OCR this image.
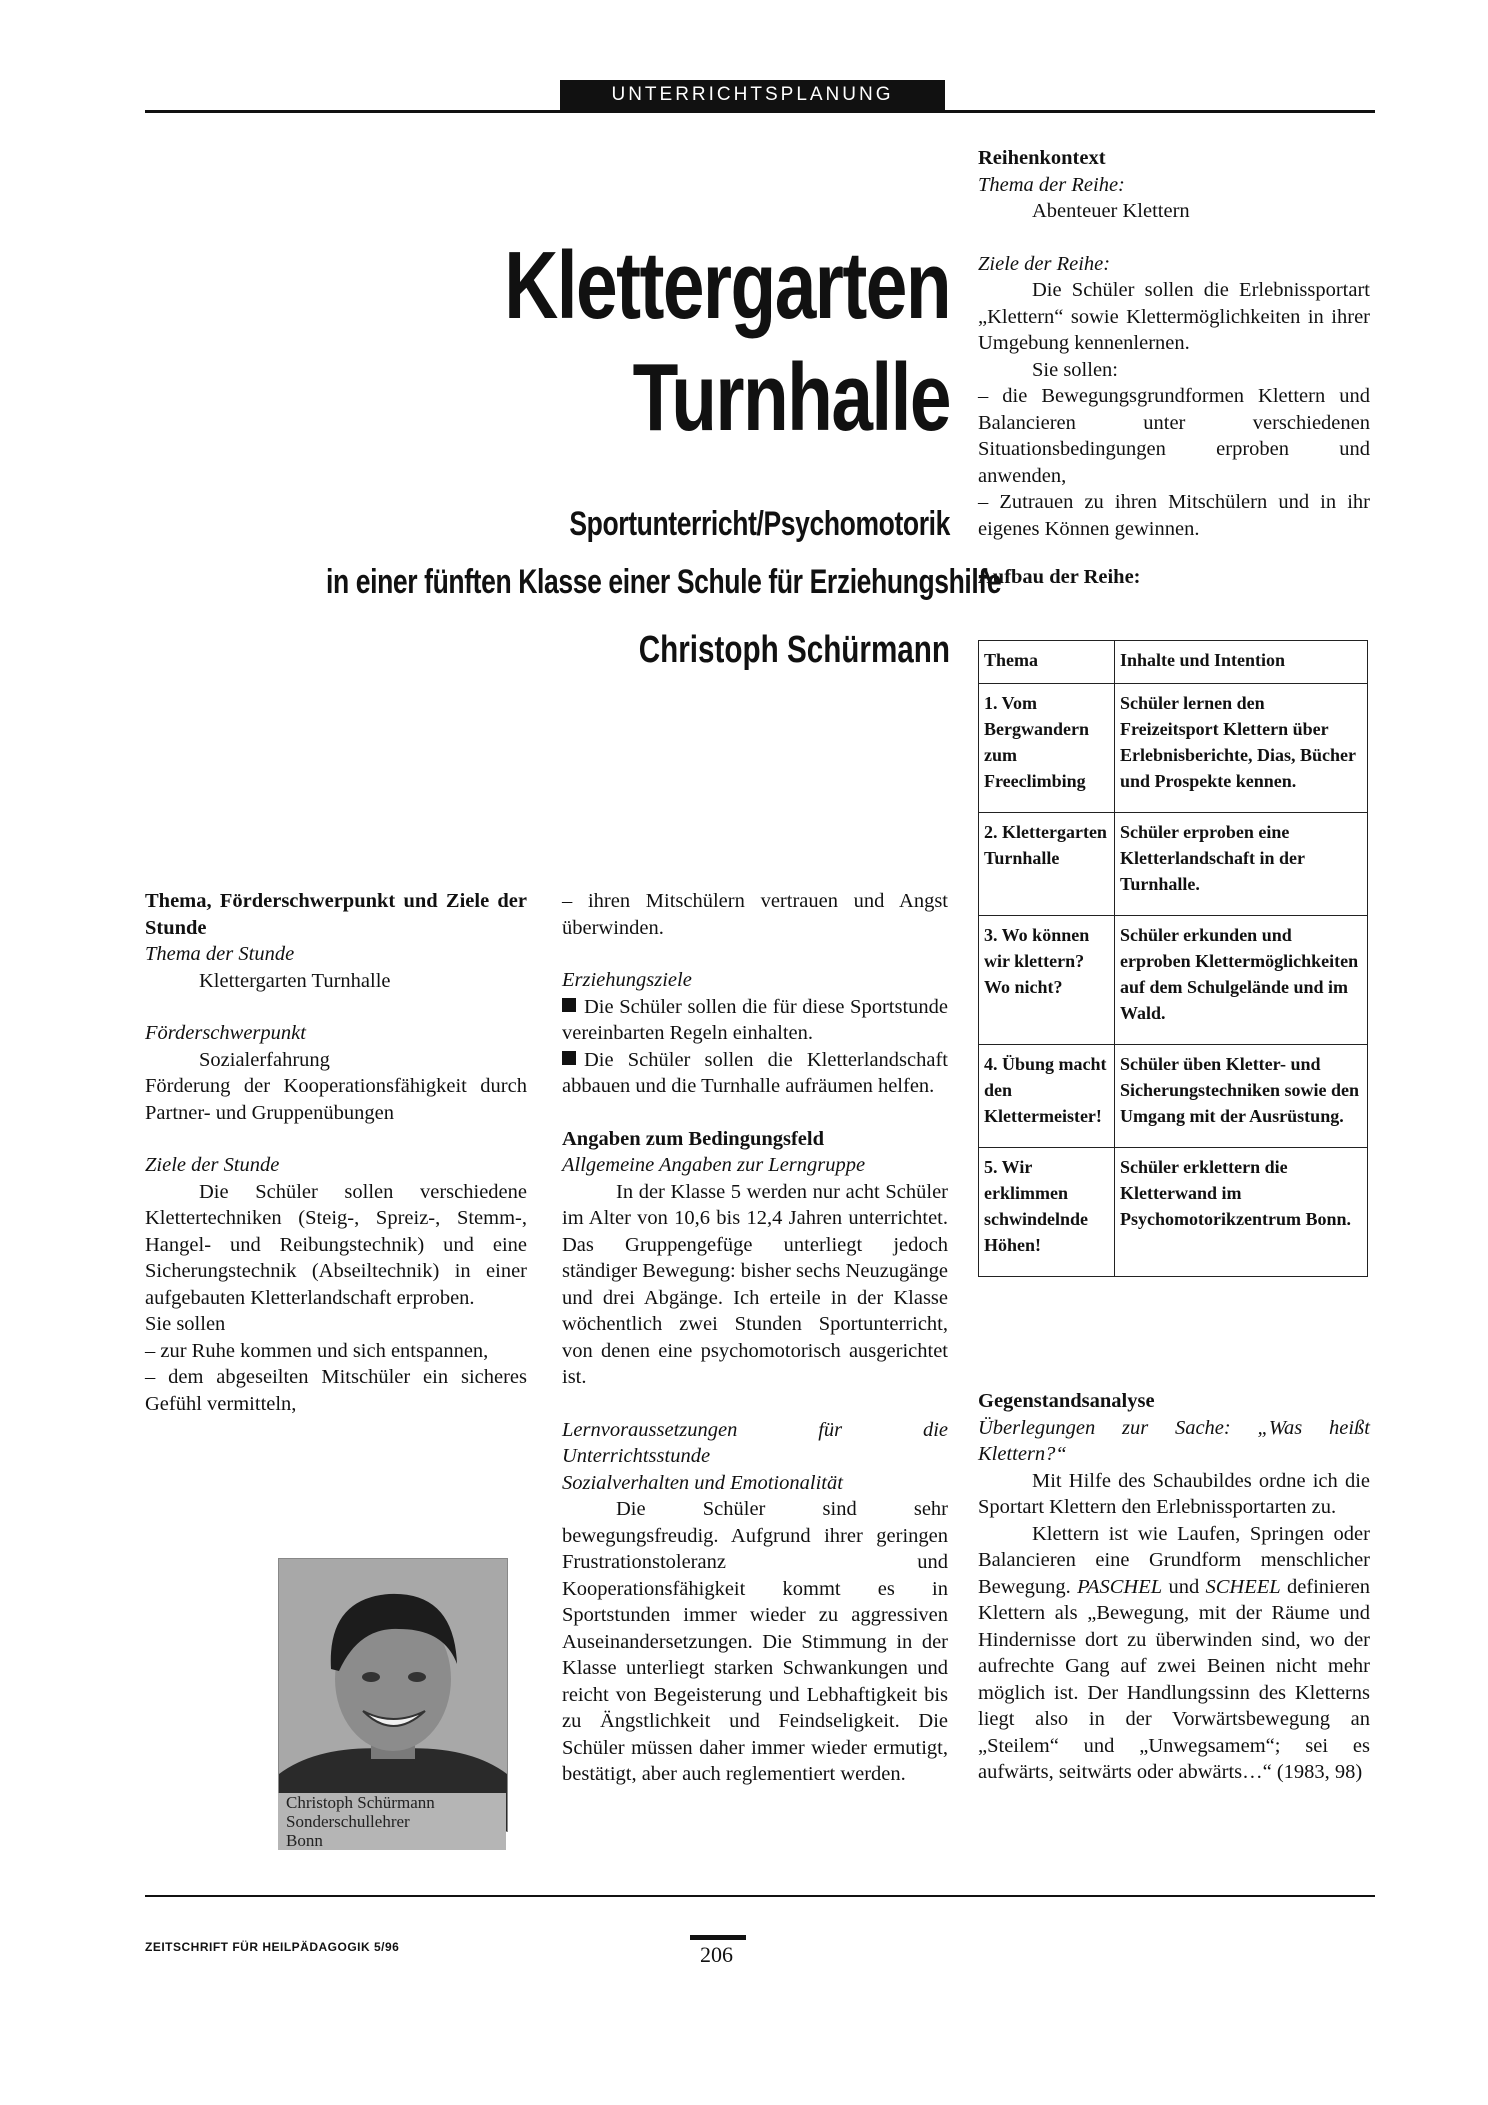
UNTERRICHTSPLANUNG
Klettergarten
Turnhalle
Sportunterricht/Psychomotorik
in einer fünften Klasse einer Schule für Erziehungshilfe
Christoph Schürmann

Reihenkontext

Thema der Reihe:

Abenteuer Klettern

Ziele der Reihe:

Die Schüler sollen die Erlebnissportart „Klettern“ sowie Klettermöglichkeiten in ihrer Umgebung kennenlernen.

Sie sollen:

– die Bewegungsgrundformen Klettern und Balancieren unter verschiedenen Situationsbedingungen erproben und anwenden,

– Zutrauen zu ihren Mitschülern und in ihr eigenes Können gewinnen.

Aufbau der Reihe:

Thema	Inhalte und Intention
1. Vom Bergwandern zum Freeclimbing	Schüler lernen den Freizeitsport Klettern über Erlebnisberichte, Dias, Bücher und Prospekte kennen.
2. Klettergarten Turnhalle	Schüler erproben eine Kletterlandschaft in der Turnhalle.
3. Wo können wir klettern? Wo nicht?	Schüler erkunden und erproben Klettermöglichkeiten auf dem Schulgelände und im Wald.
4. Übung macht den Klettermeister!	Schüler üben Kletter- und Sicherungstechniken sowie den Umgang mit der Ausrüstung.
5. Wir erklimmen schwindelnde Höhen!	Schüler erklettern die Kletterwand im Psychomotorikzentrum Bonn.

Gegenstandsanalyse

Überlegungen zur Sache: „Was heißt Klettern?“

Mit Hilfe des Schaubildes ordne ich die Sportart Klettern den Erlebnissportarten zu.

Klettern ist wie Laufen, Springen oder Balancieren eine Grundform menschlicher Bewegung. PASCHEL und SCHEEL definieren Klettern als „Bewegung, mit der Räume und Hindernisse dort zu überwinden sind, wo der aufrechte Gang auf zwei Beinen nicht mehr möglich ist. Der Handlungssinn des Kletterns liegt also in der Vorwärtsbewegung an „Steilem“ und „Unwegsamem“; sei es aufwärts, seitwärts oder abwärts…“ (1983, 98)

Thema, Förderschwerpunkt und Ziele der Stunde

Thema der Stunde

Klettergarten Turnhalle

Förderschwerpunkt

Sozialerfahrung

Förderung der Kooperationsfähigkeit durch Partner- und Gruppenübungen

Ziele der Stunde

Die Schüler sollen verschiedene Klettertechniken (Steig-, Spreiz-, Stemm-, Hangel- und Reibungstechnik) und eine Sicherungstechnik (Abseiltechnik) in einer aufgebauten Kletterlandschaft erproben.

Sie sollen

– zur Ruhe kommen und sich entspannen,

– dem abgeseilten Mitschüler ein sicheres Gefühl vermitteln,

Christoph Schürmann
Sonderschullehrer
Bonn

– ihren Mitschülern vertrauen und Angst überwinden.

Erziehungsziele

Die Schüler sollen die für diese Sportstunde vereinbarten Regeln einhalten.

Die Schüler sollen die Kletterlandschaft abbauen und die Turnhalle aufräumen helfen.

Angaben zum Bedingungsfeld

Allgemeine Angaben zur Lerngruppe

In der Klasse 5 werden nur acht Schüler im Alter von 10,6 bis 12,4 Jahren unterrichtet. Das Gruppengefüge unterliegt jedoch ständiger Bewegung: bisher sechs Neuzugänge und drei Abgänge. Ich erteile in der Klasse wöchentlich zwei Stunden Sportunterricht, von denen eine psychomotorisch ausgerichtet ist.

Lernvoraussetzungen für die Unterrichtsstunde

Sozialverhalten und Emotionalität

Die Schüler sind sehr bewegungsfreudig. Aufgrund ihrer geringen Frustrationstoleranz und Kooperationsfähigkeit kommt es in Sportstunden immer wieder zu aggressiven Auseinandersetzungen. Die Stimmung in der Klasse unterliegt starken Schwankungen und reicht von Begeisterung und Lebhaftigkeit bis zu Ängstlichkeit und Feindseligkeit. Die Schüler müssen daher immer wieder ermutigt, bestätigt, aber auch reglementiert werden.

ZEITSCHRIFT FÜR HEILPÄDAGOGIK 5/96	206
